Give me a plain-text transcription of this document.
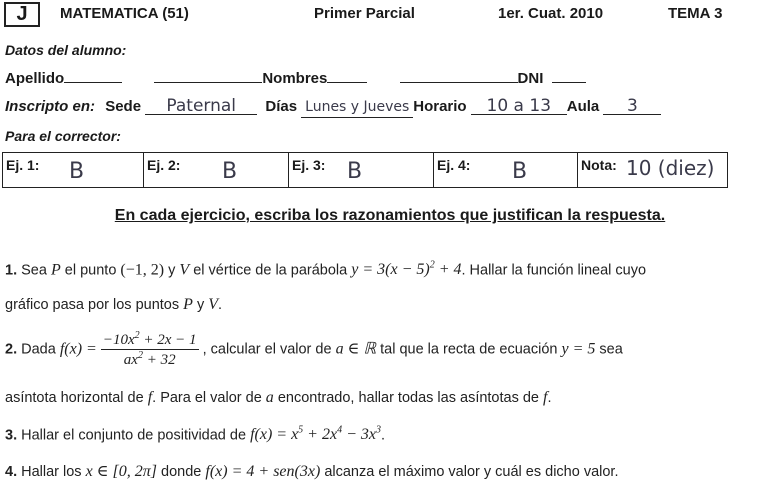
J	MATEMATICA (51)	Primer Parcial	1er. Cuat. 2010	TEMA 3
Datos del alumno:
Apellido	Nombres	DNI
Inscripto en: Sede Paternal Días Lunes y Jueves Horario 10 a 13 Aula 3
Para el corrector:
Ej. 1: B	Ej. 2: B	Ej. 3: B	Ej. 4: B	Nota: 10 (diez)
En cada ejercicio, escriba los razonamientos que justifican la respuesta.
1. Sea P el punto (−1, 2) y V el vértice de la parábola $y = 3(x - 5)^2 + 4$. Hallar la función lineal cuyo
gráfico pasa por los puntos P y V.
2. Dada $f(x) = \frac{-10x^2 + 2x - 1}{ax^2 + 32}$ , calcular el valor de a ∈ ℝ tal que la recta de ecuación y = 5 sea
asíntota horizontal de f. Para el valor de a encontrado, hallar todas las asíntotas de f.
3. Hallar el conjunto de positividad de $f(x) = x^5 + 2x^4 - 3x^3$.
4. Hallar los x ∈ [0, 2π] donde f(x) = 4 + sen(3x) alcanza el máximo valor y cuál es dicho valor.
